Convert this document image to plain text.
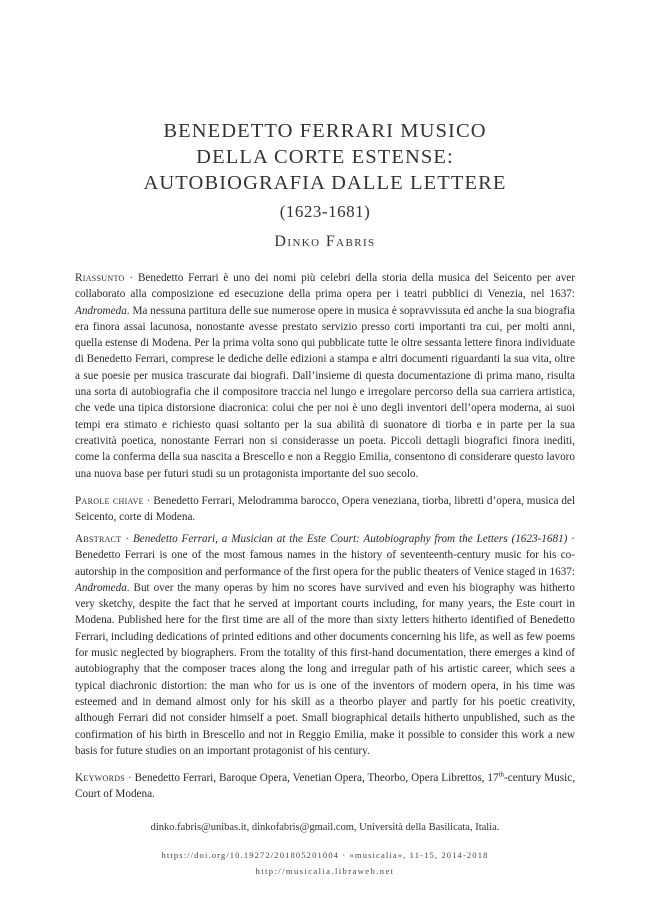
BENEDETTO FERRARI MUSICO
DELLA CORTE ESTENSE:
AUTOBIOGRAFIA DALLE LETTERE
(1623-1681)
Dinko Fabris
Riassunto · Benedetto Ferrari è uno dei nomi più celebri della storia della musica del Seicento per aver collaborato alla composizione ed esecuzione della prima opera per i teatri pubblici di Venezia, nel 1637: Andromeda. Ma nessuna partitura delle sue numerose opere in musica è sopravvissuta ed anche la sua biografia era finora assai lacunosa, nonostante avesse prestato servizio presso corti importanti tra cui, per molti anni, quella estense di Modena. Per la prima volta sono qui pubblicate tutte le oltre sessanta lettere finora individuate di Benedetto Ferrari, comprese le dediche delle edizioni a stampa e altri documenti riguardanti la sua vita, oltre a sue poesie per musica trascurate dai biografi. Dall’insieme di questa documentazione di prima mano, risulta una sorta di autobiografia che il compositore traccia nel lungo e irregolare percorso della sua carriera artistica, che vede una tipica distorsione diacronica: colui che per noi è uno degli inventori dell’opera moderna, ai suoi tempi era stimato e richiesto quasi soltanto per la sua abilità di suonatore di tiorba e in parte per la sua creatività poetica, nonostante Ferrari non si considerasse un poeta. Piccoli dettagli biografici finora inediti, come la conferma della sua nascita a Brescello e non a Reggio Emilia, consentono di considerare questo lavoro una nuova base per futuri studi su un protagonista importante del suo secolo.
Parole chiave · Benedetto Ferrari, Melodramma barocco, Opera veneziana, tiorba, libretti d’opera, musica del Seicento, corte di Modena.
Abstract · Benedetto Ferrari, a Musician at the Este Court: Autobiography from the Letters (1623-1681) · Benedetto Ferrari is one of the most famous names in the history of seventeenth-century music for his co-autorship in the composition and performance of the first opera for the public theaters of Venice staged in 1637: Andromeda. But over the many operas by him no scores have survived and even his biography was hitherto very sketchy, despite the fact that he served at important courts including, for many years, the Este court in Modena. Published here for the first time are all of the more than sixty letters hitherto identified of Benedetto Ferrari, including dedications of printed editions and other documents concerning his life, as well as few poems for music neglected by biographers. From the totality of this first-hand documentation, there emerges a kind of autobiography that the composer traces along the long and irregular path of his artistic career, which sees a typical diachronic distortion: the man who for us is one of the inventors of modern opera, in his time was esteemed and in demand almost only for his skill as a theorbo player and partly for his poetic creativity, although Ferrari did not consider himself a poet. Small biographical details hitherto unpublished, such as the confirmation of his birth in Brescello and not in Reggio Emilia, make it possible to consider this work a new basis for future studies on an important protagonist of his century.
Keywords · Benedetto Ferrari, Baroque Opera, Venetian Opera, Theorbo, Opera Librettos, 17th-century Music, Court of Modena.
dinko.fabris@unibas.it, dinkofabris@gmail.com, Università della Basilicata, Italia.
https://doi.org/10.19272/201805201004 · «musicalia», 11-15, 2014-2018
http://musicalia.libraweb.net
